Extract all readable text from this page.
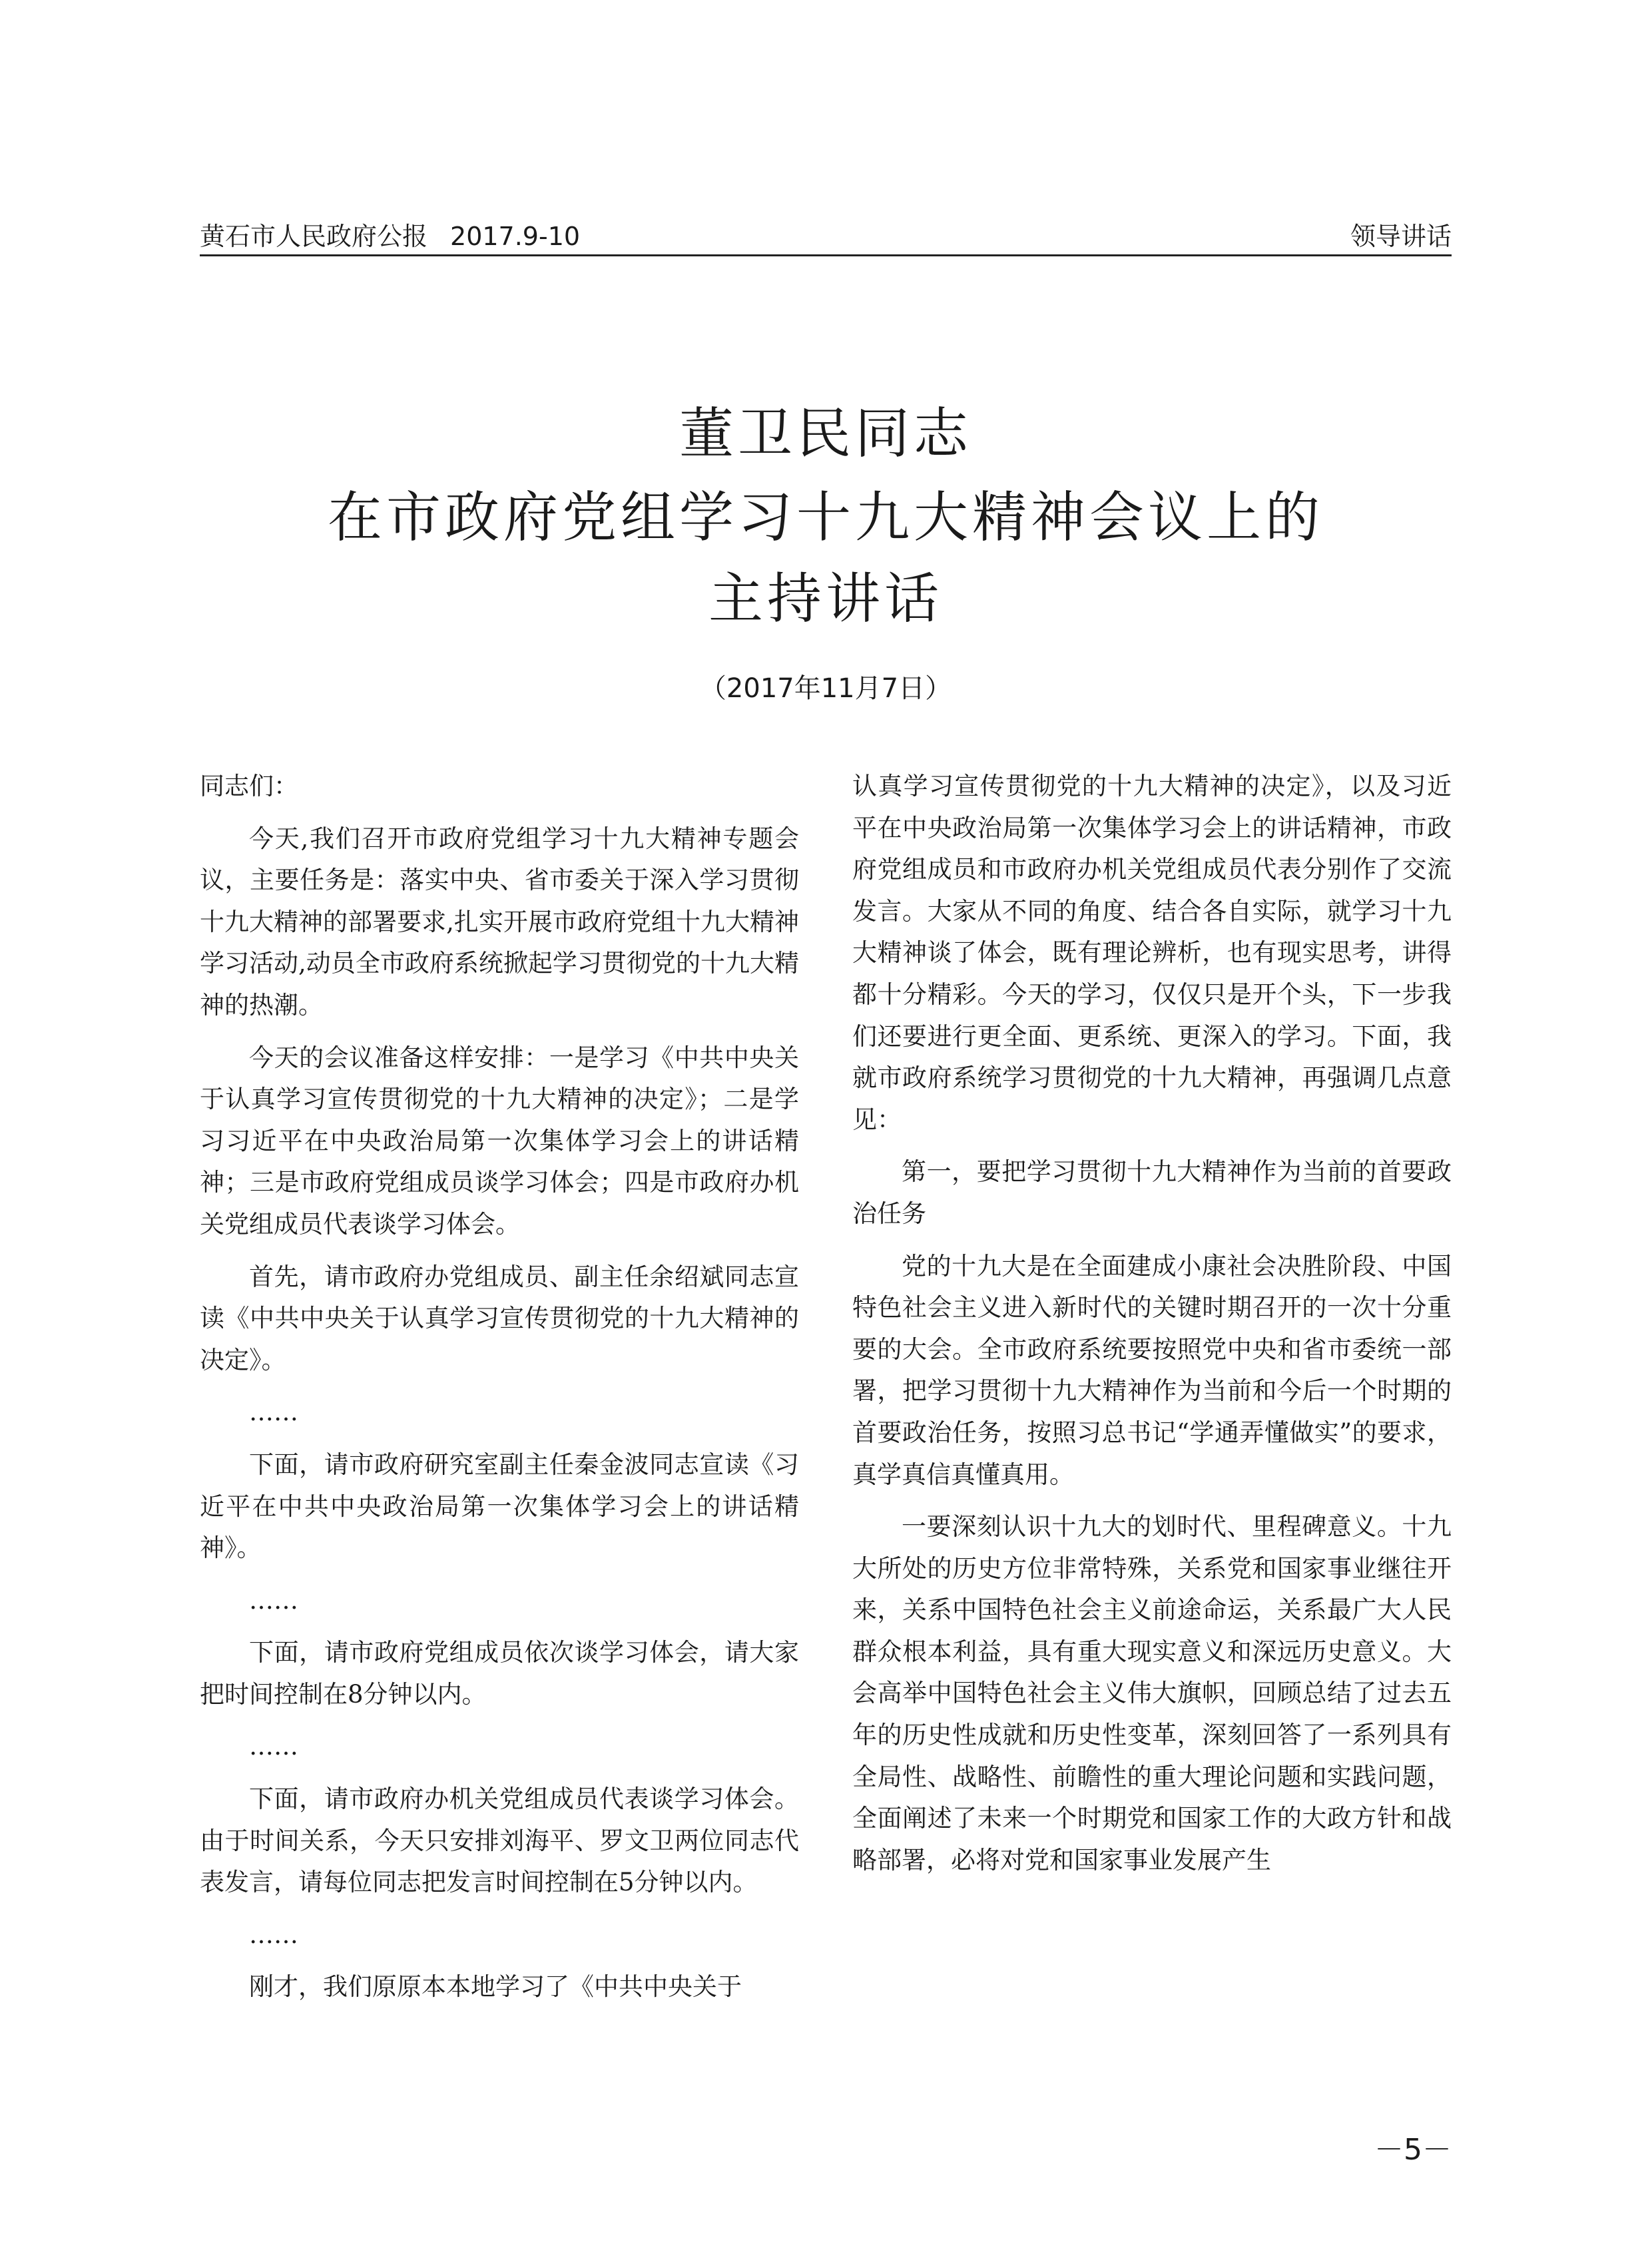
黄石市人民政府公报 2017.9-10	领导讲话
董卫民同志
在市政府党组学习十九大精神会议上的
主持讲话
（2017年11月7日）

同志们：

今天,我们召开市政府党组学习十九大精神专题会议，主要任务是：落实中央、省市委关于深入学习贯彻十九大精神的部署要求,扎实开展市政府党组十九大精神学习活动,动员全市政府系统掀起学习贯彻党的十九大精神的热潮。

今天的会议准备这样安排：一是学习《中共中央关于认真学习宣传贯彻党的十九大精神的决定》；二是学习习近平在中央政治局第一次集体学习会上的讲话精神；三是市政府党组成员谈学习体会；四是市政府办机关党组成员代表谈学习体会。

首先，请市政府办党组成员、副主任余绍斌同志宣读《中共中央关于认真学习宣传贯彻党的十九大精神的决定》。

……

下面，请市政府研究室副主任秦金波同志宣读《习近平在中共中央政治局第一次集体学习会上的讲话精神》。

……

下面，请市政府党组成员依次谈学习体会，请大家把时间控制在8分钟以内。

……

下面，请市政府办机关党组成员代表谈学习体会。由于时间关系，今天只安排刘海平、罗文卫两位同志代表发言，请每位同志把发言时间控制在5分钟以内。

……

刚才，我们原原本本地学习了《中共中央关于

认真学习宣传贯彻党的十九大精神的决定》，以及习近平在中央政治局第一次集体学习会上的讲话精神，市政府党组成员和市政府办机关党组成员代表分别作了交流发言。大家从不同的角度、结合各自实际，就学习十九大精神谈了体会，既有理论辨析，也有现实思考，讲得都十分精彩。今天的学习，仅仅只是开个头，下一步我们还要进行更全面、更系统、更深入的学习。下面，我就市政府系统学习贯彻党的十九大精神，再强调几点意见：

第一，要把学习贯彻十九大精神作为当前的首要政治任务

党的十九大是在全面建成小康社会决胜阶段、中国特色社会主义进入新时代的关键时期召开的一次十分重要的大会。全市政府系统要按照党中央和省市委统一部署，把学习贯彻十九大精神作为当前和今后一个时期的首要政治任务，按照习总书记“学通弄懂做实”的要求，真学真信真懂真用。

一要深刻认识十九大的划时代、里程碑意义。十九大所处的历史方位非常特殊，关系党和国家事业继往开来，关系中国特色社会主义前途命运，关系最广大人民群众根本利益，具有重大现实意义和深远历史意义。大会高举中国特色社会主义伟大旗帜，回顾总结了过去五年的历史性成就和历史性变革，深刻回答了一系列具有全局性、战略性、前瞻性的重大理论问题和实践问题，全面阐述了未来一个时期党和国家工作的大政方针和战略部署，必将对党和国家事业发展产生

－5－
